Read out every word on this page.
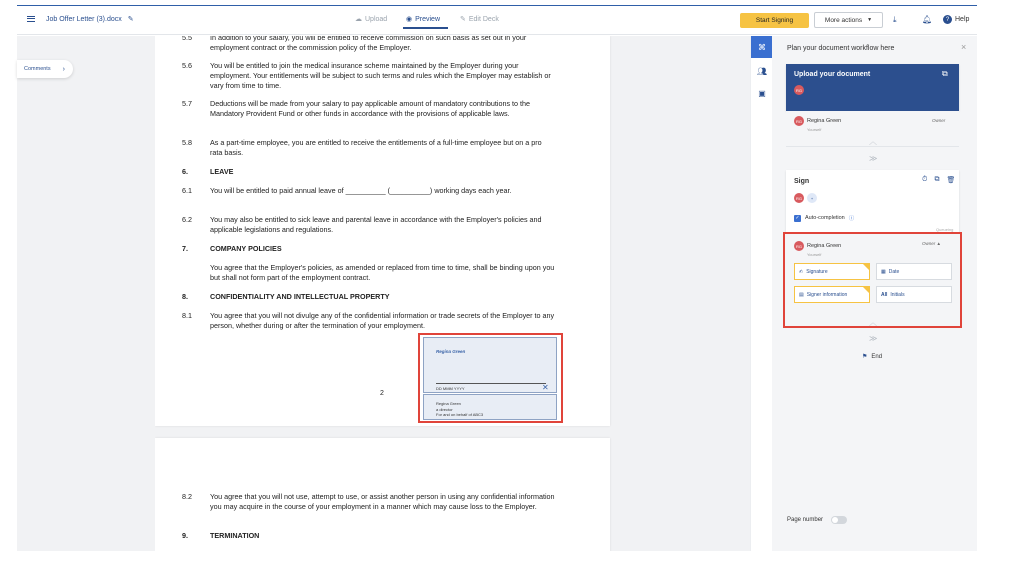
Job Offer Letter (3).docx ✎	☁ Upload	◉ Preview	✎ Edit Deck	Start Signing	More actions ▼	⤓	🔔︎	? Help
Comments ›
5.5	In addition to your salary, you will be entitled to receive commission on such basis as set out in your employment contract or the commission policy of the Employer.
5.6	You will be entitled to join the medical insurance scheme maintained by the Employer during your employment. Your entitlements will be subject to such terms and rules which the Employer may establish or vary from time to time.
5.7	Deductions will be made from your salary to pay applicable amount of mandatory contributions to the Mandatory Provident Fund or other funds in accordance with the provisions of applicable laws.
5.8	As a part-time employee, you are entitled to receive the entitlements of a full-time employee but on a pro rata basis.
6.	LEAVE
6.1	You will be entitled to paid annual leave of __________ (__________) working days each year.
6.2	You may also be entitled to sick leave and parental leave in accordance with the Employer's policies and applicable legislations and regulations.
7.	COMPANY POLICIES
You agree that the Employer's policies, as amended or replaced from time to time, shall be binding upon you but shall not form part of the employment contract.
8.	CONFIDENTIALITY AND INTELLECTUAL PROPERTY
8.1	You agree that you will not divulge any of the confidential information or trade secrets of the Employer to any person, whether during or after the termination of your employment.
2
Regina Green
DD MMM YYYY	✕
Regina Green
a director
For and on behalf of ABC3
8.2	You agree that you will not use, attempt to use, or assist another person in using any confidential information you may acquire in the course of your employment in a manner which may cause loss to the Employer.
9.	TERMINATION
⌘
👥︎
▣
Plan your document workflow here	×
Upload your document	⧉
RG
RG Regina Green
Yourself
Owner
︿
≫
Sign	⏱︎ ⧉ 🗑︎
RG	+
✓ Auto-completion ⓘ
Queueing
RG Regina Green
Yourself
Owner ▲
✍︎ Signature	▦ Date
▤ Signer information	All Initials
︿
≫
⚑ End
Page number
